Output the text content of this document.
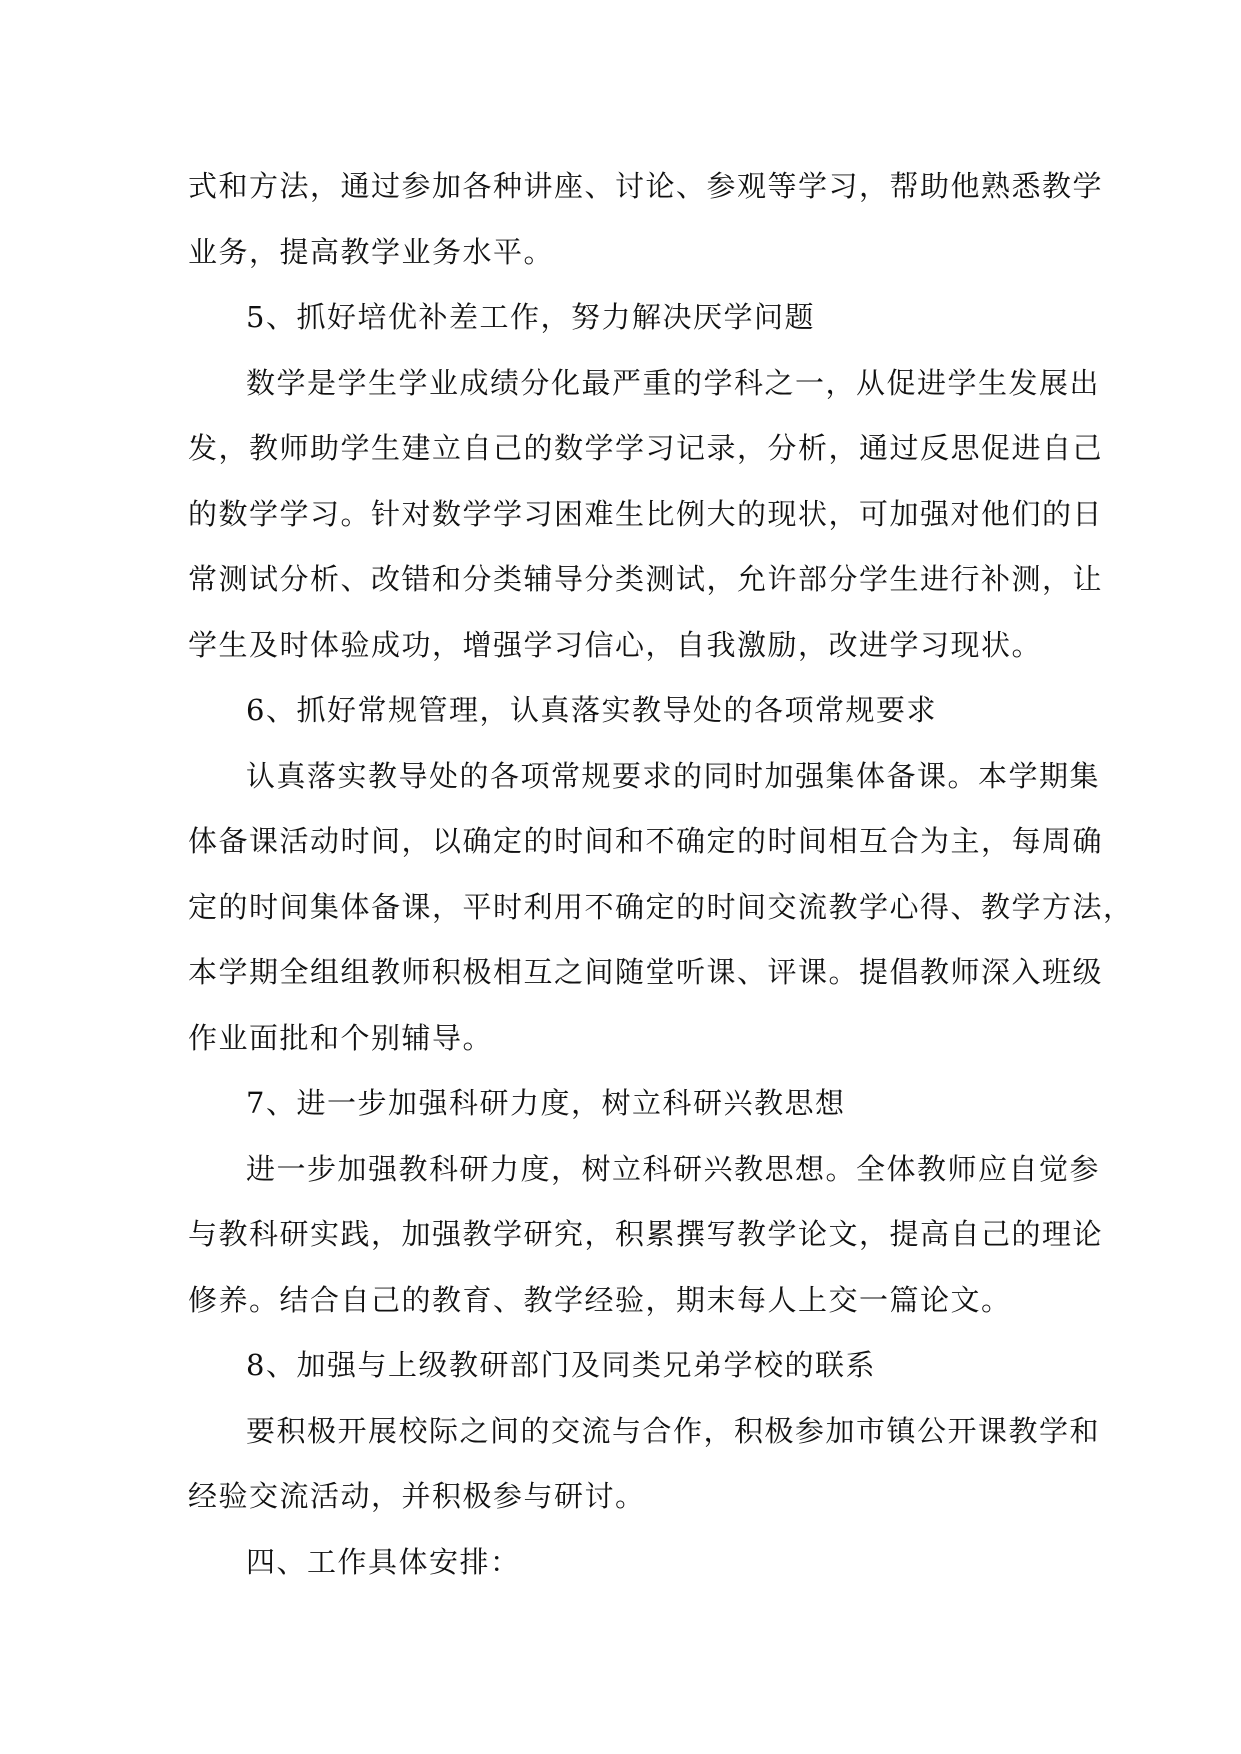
式和方法，通过参加各种讲座、讨论、参观等学习，帮助他熟悉教学

业务，提高教学业务水平。

5、抓好培优补差工作，努力解决厌学问题

数学是学生学业成绩分化最严重的学科之一，从促进学生发展出

发，教师助学生建立自己的数学学习记录，分析，通过反思促进自己

的数学学习。针对数学学习困难生比例大的现状，可加强对他们的日

常测试分析、改错和分类辅导分类测试，允许部分学生进行补测，让

学生及时体验成功，增强学习信心，自我激励，改进学习现状。

6、抓好常规管理，认真落实教导处的各项常规要求

认真落实教导处的各项常规要求的同时加强集体备课。本学期集

体备课活动时间，以确定的时间和不确定的时间相互合为主，每周确

定的时间集体备课，平时利用不确定的时间交流教学心得、教学方法，

本学期全组组教师积极相互之间随堂听课、评课。提倡教师深入班级

作业面批和个别辅导。

7、进一步加强科研力度，树立科研兴教思想

进一步加强教科研力度，树立科研兴教思想。全体教师应自觉参

与教科研实践，加强教学研究，积累撰写教学论文，提高自己的理论

修养。结合自己的教育、教学经验，期末每人上交一篇论文。

8、加强与上级教研部门及同类兄弟学校的联系

要积极开展校际之间的交流与合作，积极参加市镇公开课教学和

经验交流活动，并积极参与研讨。

四、工作具体安排：
